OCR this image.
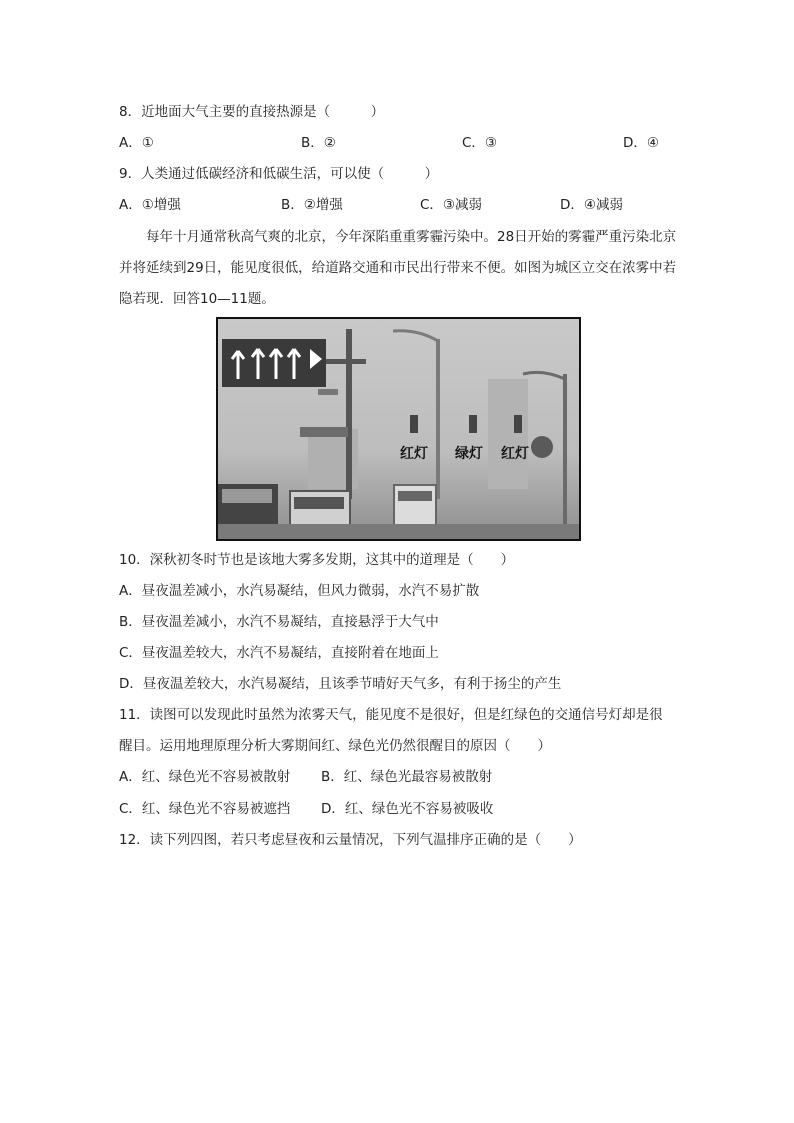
8．近地面大气主要的直接热源是（　　　）
A．①	B．②	C．③	D．④
9．人类通过低碳经济和低碳生活，可以使（　　　）
A．①增强	B．②增强	C．③减弱	D．④减弱
每年十月通常秋高气爽的北京，今年深陷重重雾霾污染中。28日开始的雾霾严重污染北京并将延续到29日，能见度很低，给道路交通和市民出行带来不便。如图为城区立交在浓雾中若隐若现．回答10—11题。
红灯 绿灯 红灯
10．深秋初冬时节也是该地大雾多发期，这其中的道理是（　　）
A．昼夜温差减小，水汽易凝结，但风力微弱，水汽不易扩散
B．昼夜温差减小，水汽不易凝结，直接悬浮于大气中
C．昼夜温差较大，水汽不易凝结，直接附着在地面上
D．昼夜温差较大，水汽易凝结，且该季节晴好天气多，有利于扬尘的产生
11．读图可以发现此时虽然为浓雾天气，能见度不是很好，但是红绿色的交通信号灯却是很
醒目。运用地理原理分析大雾期间红、绿色光仍然很醒目的原因（　　）
A．红、绿色光不容易被散射 B．红、绿色光最容易被散射
C．红、绿色光不容易被遮挡 D．红、绿色光不容易被吸收
12．读下列四图，若只考虑昼夜和云量情况，下列气温排序正确的是（　　）
